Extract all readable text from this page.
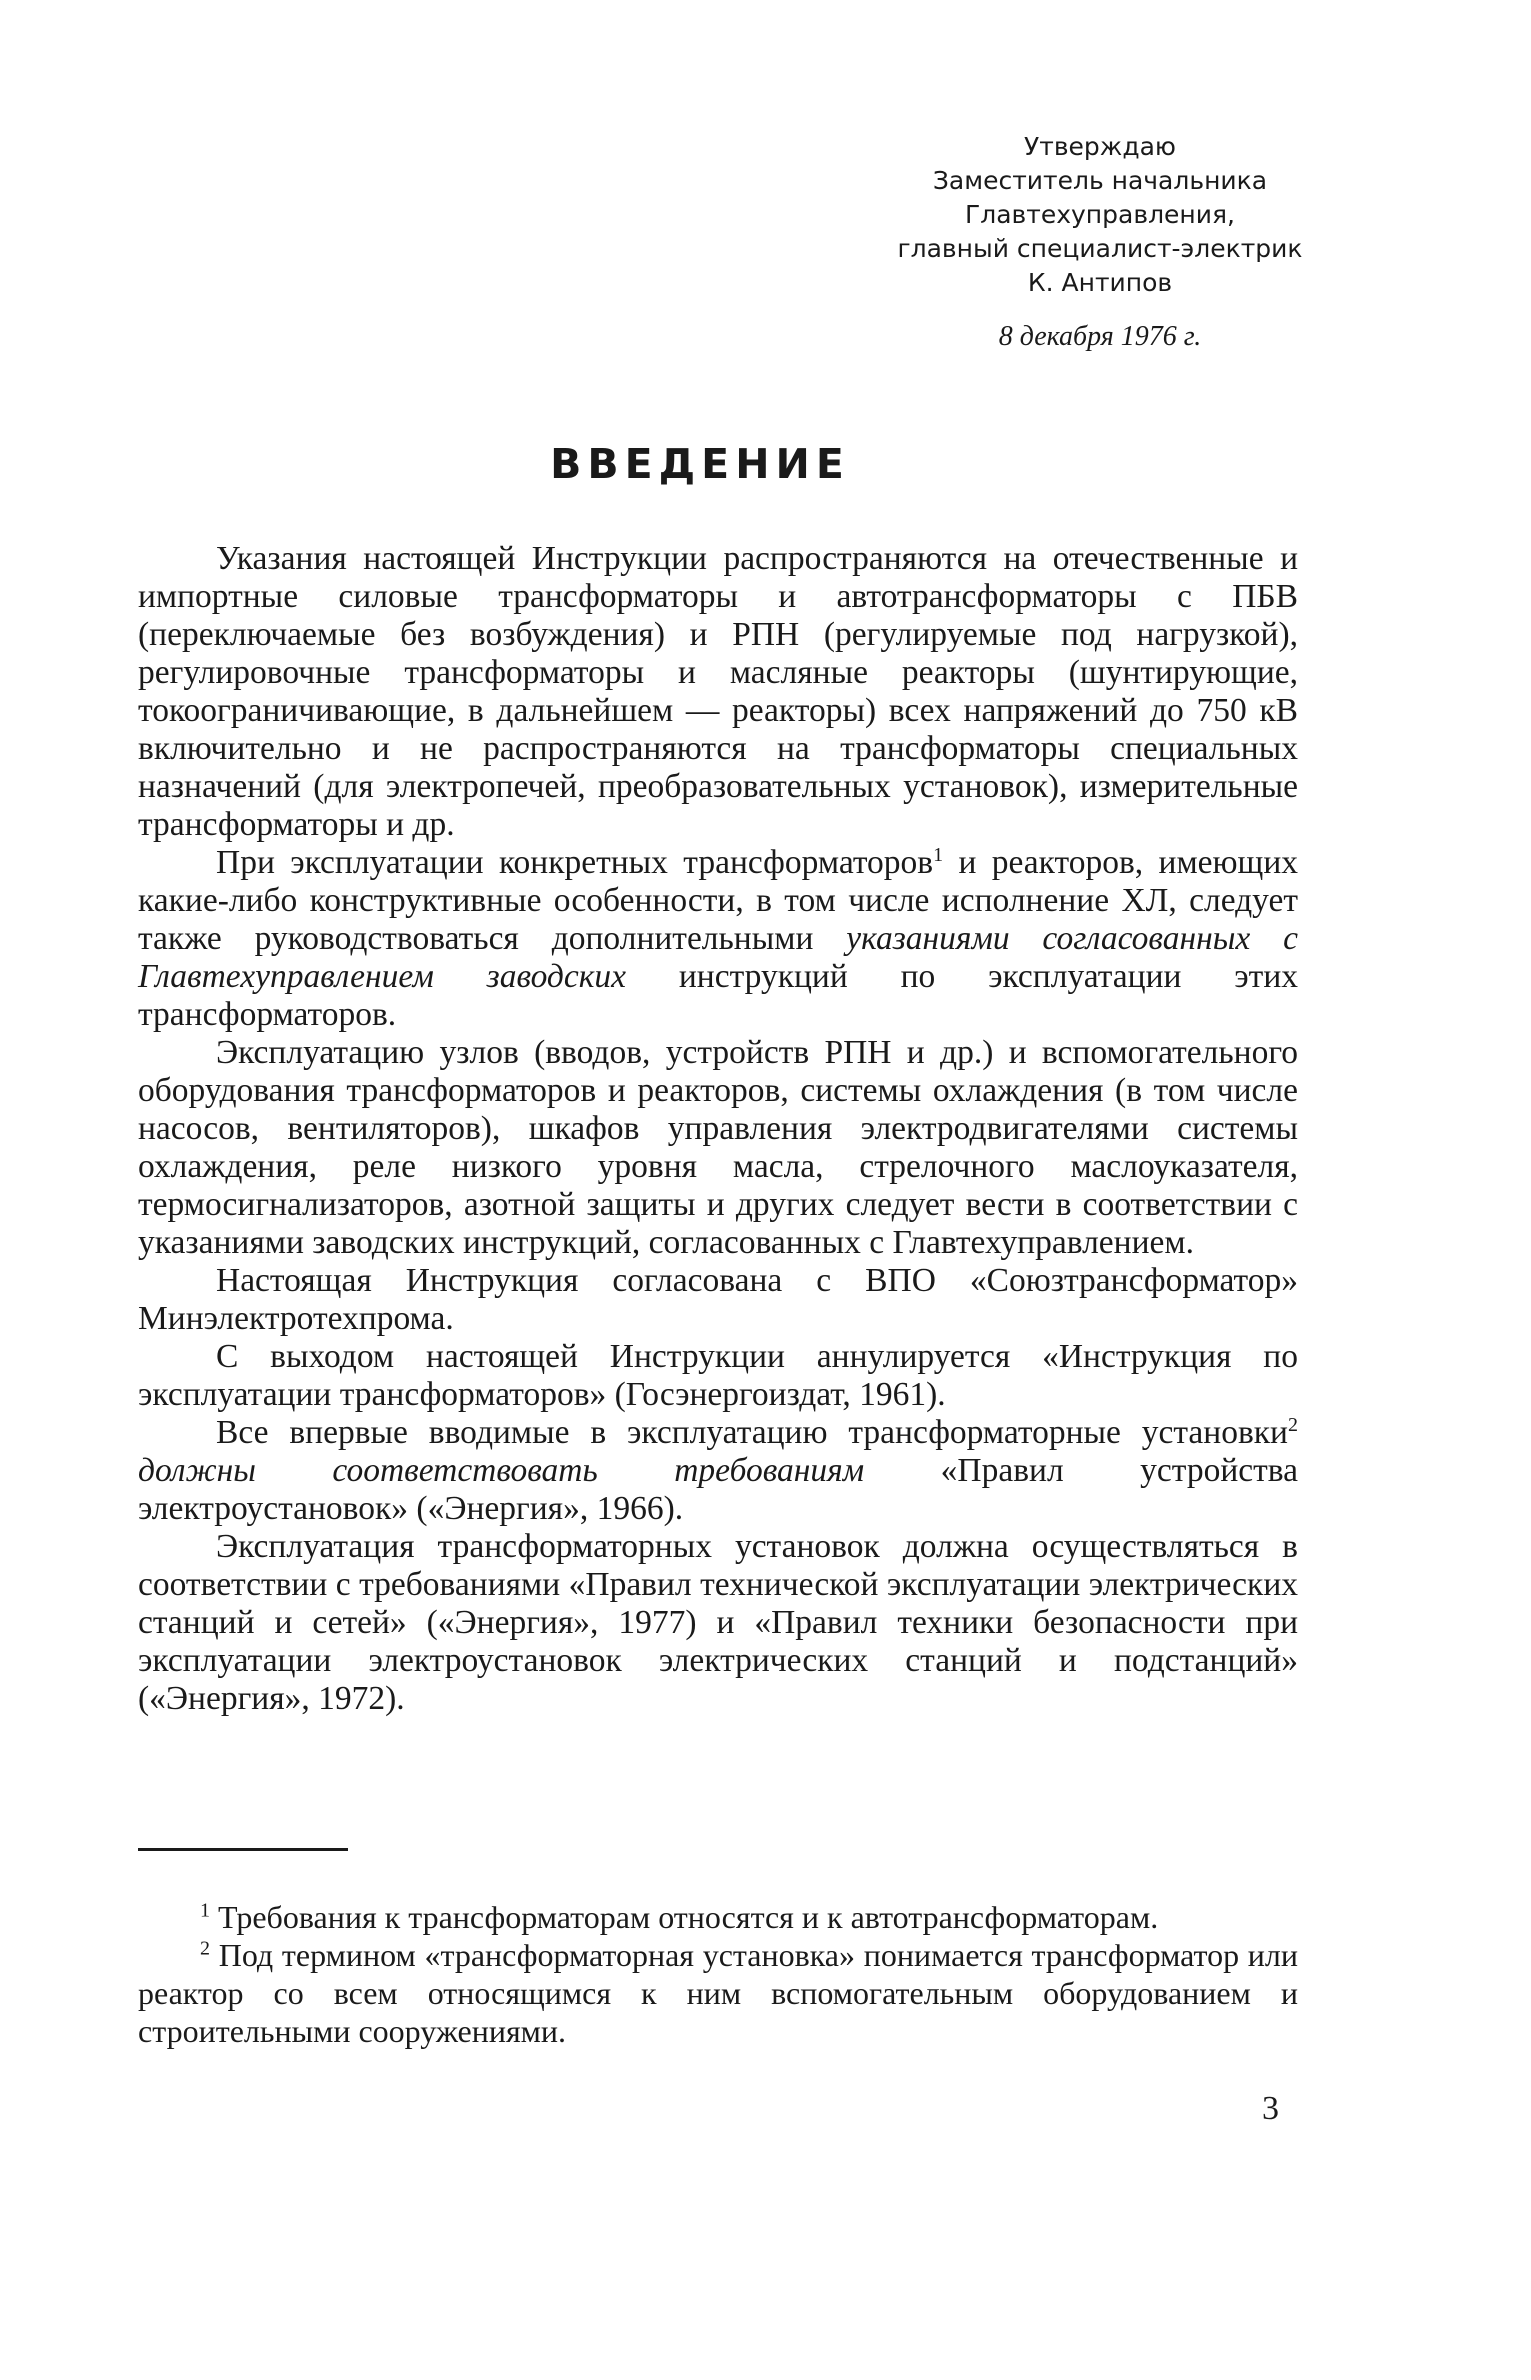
Утверждаю
Заместитель начальника
Главтехуправления,
главный специалист-электрик
К. Антипов
8 декабря 1976 г.
ВВЕДЕНИЕ

Указания настоящей Инструкции распространяются на отечественные и импортные силовые трансформаторы и автотрансформаторы с ПБВ (переключаемые без возбуждения) и РПН (регулируемые под нагрузкой), регулировочные трансформаторы и масляные реакторы (шунтирующие, токоограничивающие, в дальнейшем — реакторы) всех напряжений до 750 кВ включительно и не распространяются на трансформаторы специальных назначений (для электропечей, преобразовательных установок), измерительные трансформаторы и др.

При эксплуатации конкретных трансформаторов$^1$ и реакторов, имеющих какие-либо конструктивные особенности, в том числе исполнение ХЛ, следует также руководствоваться дополнительными указаниями согласованных с Главтехуправлением заводских инструкций по эксплуатации этих трансформаторов.

Эксплуатацию узлов (вводов, устройств РПН и др.) и вспомогательного оборудования трансформаторов и реакторов, системы охлаждения (в том числе насосов, вентиляторов), шкафов управления электродвигателями системы охлаждения, реле низкого уровня масла, стрелочного маслоуказателя, термосигнализаторов, азотной защиты и других следует вести в соответствии с указаниями заводских инструкций, согласованных с Главтехуправлением.

Настоящая Инструкция согласована с ВПО «Союзтрансформатор» Минэлектротехпрома.

С выходом настоящей Инструкции аннулируется «Инструкция по эксплуатации трансформаторов» (Госэнергоиздат, 1961).

Все впервые вводимые в эксплуатацию трансформаторные установки$^2$ должны соответствовать требованиям «Правил устройства электроустановок» («Энергия», 1966).

Эксплуатация трансформаторных установок должна осуществляться в соответствии с требованиями «Правил технической эксплуатации электрических станций и сетей» («Энергия», 1977) и «Правил техники безопасности при эксплуатации электроустановок электрических станций и подстанций» («Энергия», 1972).

$^1$ Требования к трансформаторам относятся и к автотрансформаторам.

$^2$ Под термином «трансформаторная установка» понимается трансформатор или реактор со всем относящимся к ним вспомогательным оборудованием и строительными сооружениями.

3
